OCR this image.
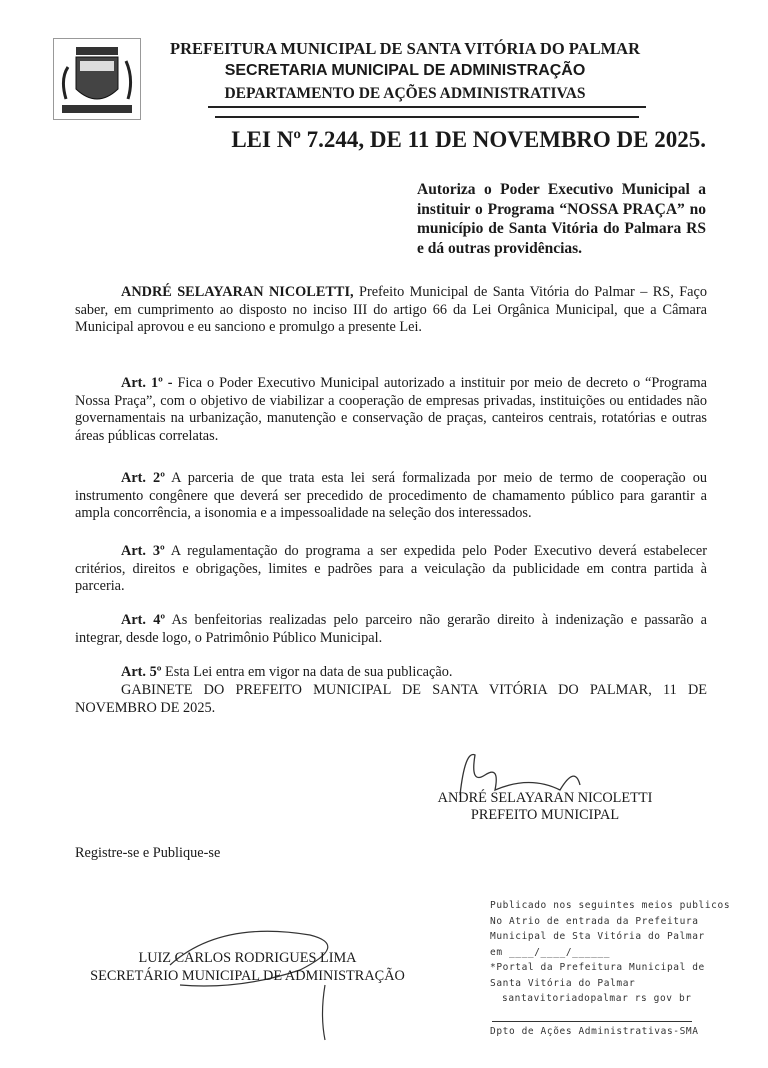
PREFEITURA MUNICIPAL DE SANTA VITÓRIA DO PALMAR
SECRETARIA MUNICIPAL DE ADMINISTRAÇÃO
DEPARTAMENTO DE AÇÕES ADMINISTRATIVAS
LEI Nº 7.244, DE 11 DE NOVEMBRO DE 2025.
Autoriza o Poder Executivo Municipal a instituir o Programa “NOSSA PRAÇA” no município de Santa Vitória do Palmara RS e dá outras providências.
ANDRÉ SELAYARAN NICOLETTI, Prefeito Municipal de Santa Vitória do Palmar – RS, Faço saber, em cumprimento ao disposto no inciso III do artigo 66 da Lei Orgânica Municipal, que a Câmara Municipal aprovou e eu sanciono e promulgo a presente Lei.
Art. 1º - Fica o Poder Executivo Municipal autorizado a instituir por meio de decreto o “Programa Nossa Praça”, com o objetivo de viabilizar a cooperação de empresas privadas, instituições ou entidades não governamentais na urbanização, manutenção e conservação de praças, canteiros centrais, rotatórias e outras áreas públicas correlatas.
Art. 2º A parceria de que trata esta lei será formalizada por meio de termo de cooperação ou instrumento congênere que deverá ser precedido de procedimento de chamamento público para garantir a ampla concorrência, a isonomia e a impessoalidade na seleção dos interessados.
Art. 3º A regulamentação do programa a ser expedida pelo Poder Executivo deverá estabelecer critérios, direitos e obrigações, limites e padrões para a veiculação da publicidade em contra partida à parceria.
Art. 4º As benfeitorias realizadas pelo parceiro não gerarão direito à indenização e passarão a integrar, desde logo, o Patrimônio Público Municipal.
Art. 5º Esta Lei entra em vigor na data de sua publicação.
GABINETE DO PREFEITO MUNICIPAL DE SANTA VITÓRIA DO PALMAR, 11 DE NOVEMBRO DE 2025.
ANDRÉ SELAYARAN NICOLETTI
PREFEITO MUNICIPAL
Registre-se e Publique-se
LUIZ CARLOS RODRIGUES LIMA
SECRETÁRIO MUNICIPAL DE ADMINISTRAÇÃO
Publicado nos seguintes meios publicos
No Atrio de entrada da Prefeitura
Municipal de Sta Vitória do Palmar
em ____/____/______
*Portal da Prefeitura Municipal de
Santa Vitória do Palmar
santavitoriadopalmar rs gov br
Dpto de Ações Administrativas-SMA
